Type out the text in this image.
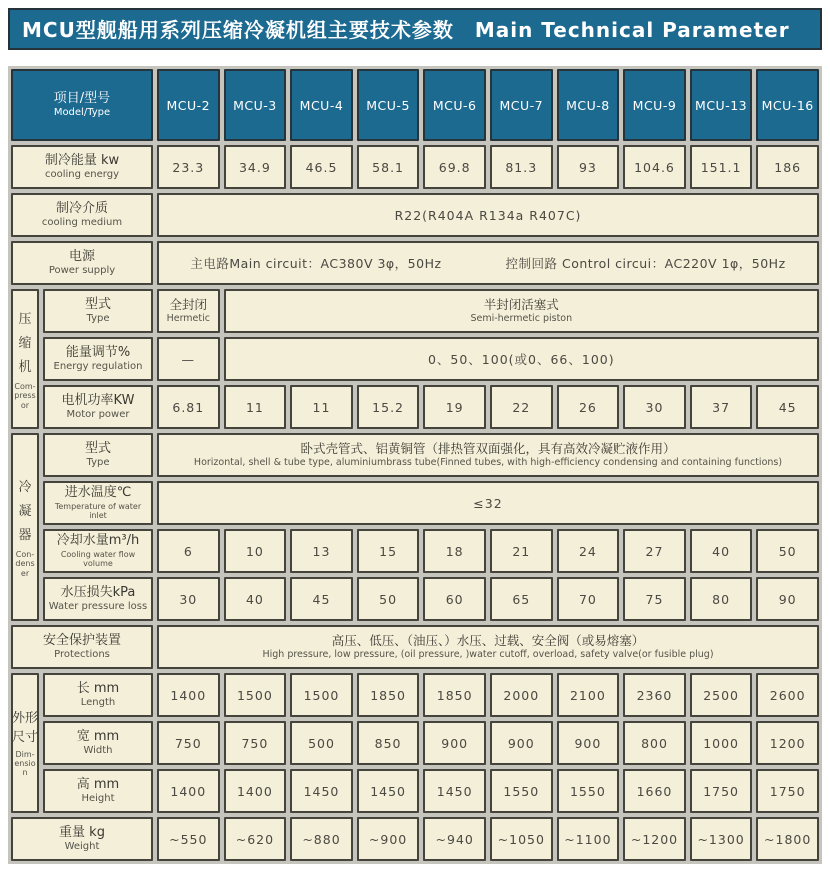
MCU型舰船用系列压缩冷凝机组主要技术参数　Main Technical Parameter
项目/型号
Model/Type
MCU-2 MCU-3 MCU-4 MCU-5 MCU-6 MCU-7 MCU-8 MCU-9 MCU-13 MCU-16
制冷能量 kw
cooling energy
23.3	34.9	46.5	58.1	69.8	81.3	93	104.6 151.1	186
制冷介质
cooling medium
R22(R404A R134a R407C)
电源
Power supply	主电路Main circuit：AC380V 3φ，50Hz	控制回路 Control circui：AC220V 1φ，50Hz
压缩机
Com-pressor
型式
Type
全封闭
Hermetic
半封闭活塞式
Semi-hermetic piston
能量调节%
Energy regulation
—	0、50、100(或0、66、100)
电机功率KW
Motor power
6.81	11	11	15.2	19	22	26	30	37	45
冷凝器
Con-denser
型式
Type
卧式壳管式、铝黄铜管（排热管双面强化，具有高效冷凝贮液作用）
Horizontal, shell & tube type, aluminiumbrass tube(Finned tubes, with high-efficiency condensing and containing functions)
进水温度℃
Temperature of water inlet
≤32
冷却水量m³/h
Cooling water flow volume
6	10	13	15	18	21	24	27	40	50
水压损失kPa
Water pressure loss
30	40	45	50	60	65	70	75	80	90
安全保护装置
Protections
高压、低压、（油压、）水压、过载、安全阀（或易熔塞）
High pressure, low pressure, (oil pressure, )water cutoff, overload, safety valve(or fusible plug)
外形尺寸
Dim-ension
长 mm
Length
1400 1500 1500 1850 1850 2000 2100 2360 2500 2600
宽 mm
Width
750	750	500	850	900	900	900	800	1000 1200
高 mm
Height
1400 1400 1450 1450 1450 1550 1550 1660 1750 1750
重量 kg
Weight
~550 ~620 ~880 ~900 ~940 ~1050 ~1100 ~1200 ~1300 ~1800
